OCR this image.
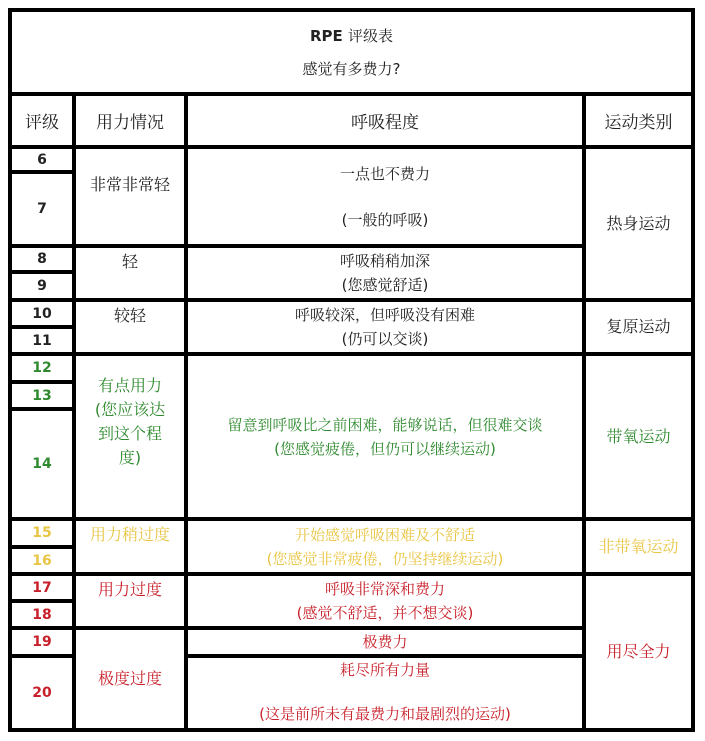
RPE 评级表
感觉有多费力?
评级 用力情况	呼吸程度	运动类别
6
7
8
9
10
11
12
13
14
15
16
17
18
19
20
非常非常轻
轻
较轻
有点用力
(您应该达
到这个程
度)
用力稍过度
用力过度
极度过度
一点也不费力
(一般的呼吸)
呼吸稍稍加深
(您感觉舒适)
呼吸较深，但呼吸没有困难
(仍可以交谈)
留意到呼吸比之前困难，能够说话，但很难交谈
(您感觉疲倦，但仍可以继续运动)
开始感觉呼吸困难及不舒适
(您感觉非常疲倦，仍坚持继续运动)
呼吸非常深和费力
(感觉不舒适，并不想交谈)
极费力
耗尽所有力量
(这是前所未有最费力和最剧烈的运动)
热身运动
复原运动
带氧运动
非带氧运动
用尽全力
